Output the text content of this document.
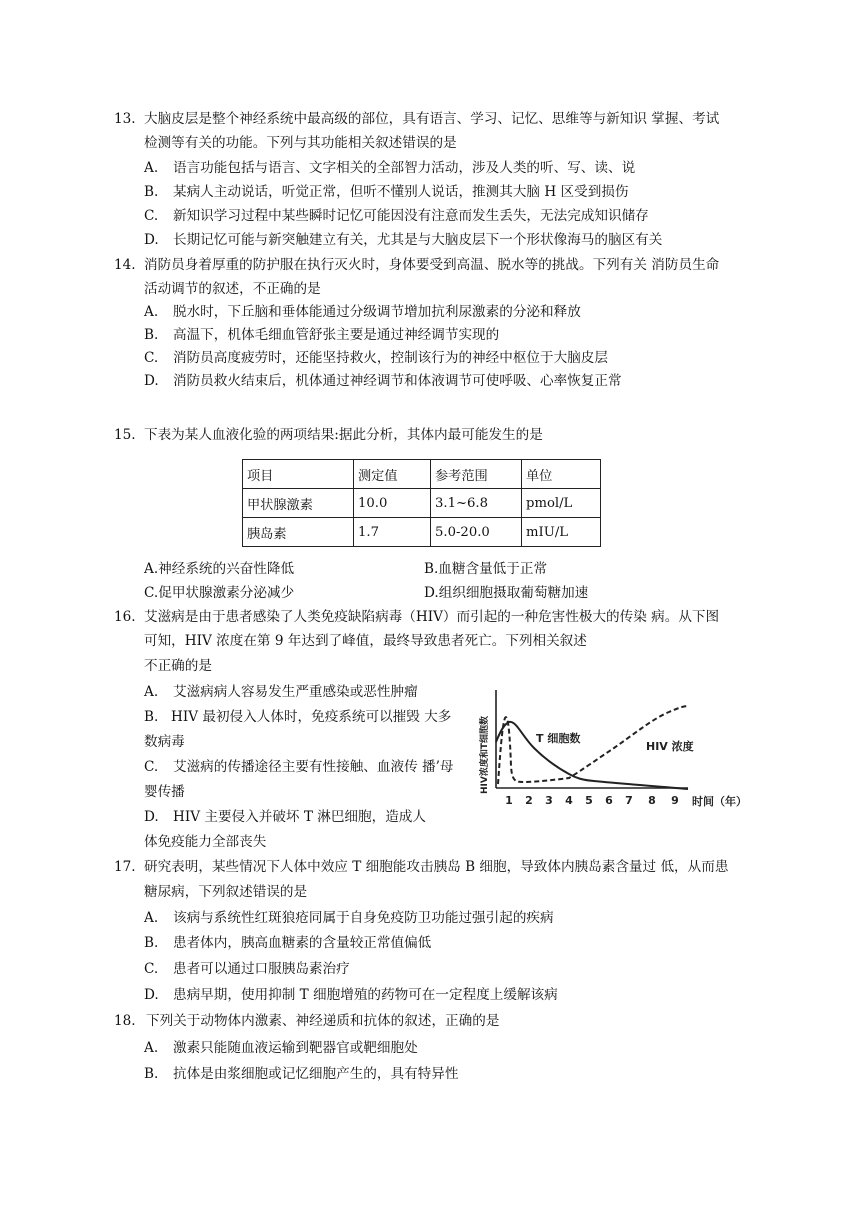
13. 大脑皮层是整个神经系统中最高级的部位，具有语言、学习、记忆、思维等与新知识 掌握、考试
检测等有关的功能。下列与其功能相关叙述错误的是
A. 语言功能包括与语言、文字相关的全部智力活动，涉及人类的听、写、读、说
B. 某病人主动说话，听觉正常，但听不懂别人说话，推测其大脑 H 区受到损伤
C. 新知识学习过程中某些瞬时记忆可能因没有注意而发生丢失，无法完成知识储存
D. 长期记忆可能与新突触建立有关，尤其是与大脑皮层下一个形状像海马的脑区有关
14. 消防员身着厚重的防护服在执行灭火时，身体要受到高温、脱水等的挑战。下列有关 消防员生命
活动调节的叙述，不正确的是
A. 脱水时，下丘脑和垂体能通过分级调节增加抗利尿激素的分泌和释放
B. 高温下，机体毛细血管舒张主要是通过神经调节实现的
C. 消防员高度疲劳时，还能坚持救火，控制该行为的神经中枢位于大脑皮层
D. 消防员救火结束后，机体通过神经调节和体液调节可使呼吸、心率恢复正常
15. 下表为某人血液化验的两项结果:据此分析，其体内最可能发生的是
项目	测定值	参考范围	单位
甲状腺激素	10.0	3.1~6.8	pmol/L
胰岛素	1.7	5.0-20.0	mIU/L
A.神经系统的兴奋性降低	B.血糖含量低于正常
C.促甲状腺激素分泌减少	D.组织细胞摄取葡萄糖加速
16. 艾滋病是由于患者感染了人类免疫缺陷病毒（HIV）而引起的一种危害性极大的传染 病。从下图
可知，HIV 浓度在第 9 年达到了峰值，最终导致患者死亡。下列相关叙述
不正确的是
A. 艾滋病病人容易发生严重感染或恶性肿瘤
B. HIV 最初侵入人体时，免疫系统可以摧毁 大多
数病毒
C. 艾滋病的传播途径主要有性接触、血液传 播’母
婴传播
D. HIV 主要侵入并破坏 T 淋巴细胞，造成人
体免疫能力全部丧失
HIV浓度和T细胞数
1 2 3 4 5 6 7 8 9 时间（年）
T 细胞数
HIV 浓度
17. 研究表明，某些情况下人体中效应 T 细胞能攻击胰岛 B 细胞，导致体内胰岛素含量过 低，从而患
糖尿病，下列叙述错误的是
A. 该病与系统性红斑狼疮同属于自身免疫防卫功能过强引起的疾病
B. 患者体内，胰高血糖素的含量较正常值偏低
C. 患者可以通过口服胰岛素治疗
D. 患病早期，使用抑制 T 细胞增殖的药物可在一定程度上缓解该病
18. 下列关于动物体内激素、神经递质和抗体的叙述，正确的是
A. 激素只能随血液运输到靶器官或靶细胞处
B. 抗体是由浆细胞或记忆细胞产生的，具有特异性
